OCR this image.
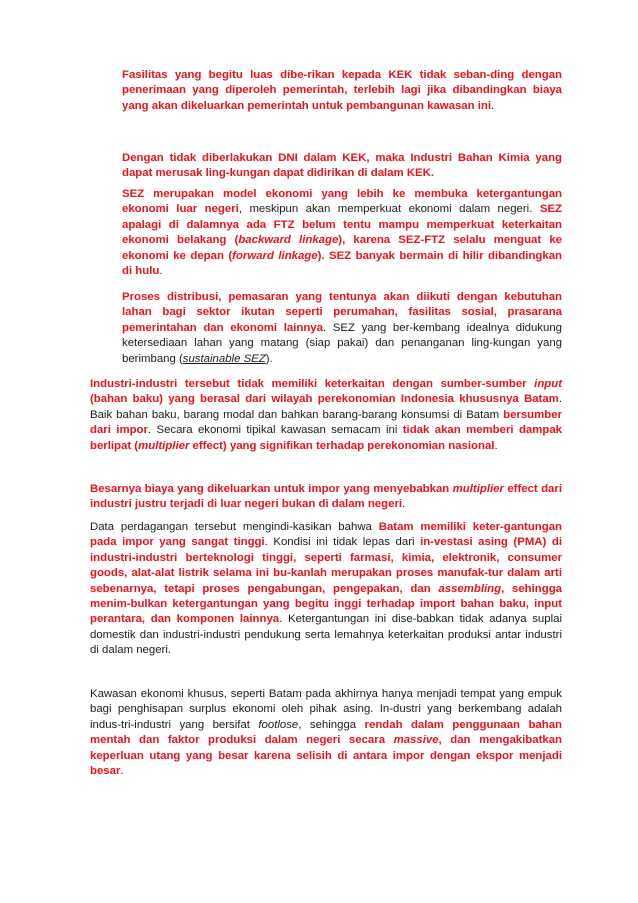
Fasilitas yang begitu luas dibe-rikan kepada KEK tidak seban-ding dengan penerimaan yang diperoleh pemerintah, terlebih lagi jika dibandingkan biaya yang akan dikeluarkan pemerintah untuk pembangunan kawasan ini.

Dengan tidak diberlakukan DNI dalam KEK, maka Industri Bahan Kimia yang dapat merusak ling-kungan dapat didirikan di dalam KEK.

SEZ merupakan model ekonomi yang lebih ke membuka ketergantungan ekonomi luar negeri, meskipun akan memperkuat ekonomi dalam negeri. SEZ apalagi di dalamnya ada FTZ belum tentu mampu memperkuat keterkaitan ekonomi belakang (backward linkage), karena SEZ-FTZ selalu menguat ke ekonomi ke depan (forward linkage). SEZ banyak bermain di hilir dibandingkan di hulu.

Proses distribusi, pemasaran yang tentunya akan diikuti dengan kebutuhan lahan bagi sektor ikutan seperti perumahan, fasilitas sosial, prasarana pemerintahan dan ekonomi lainnya. SEZ yang ber-kembang idealnya didukung ketersediaan lahan yang matang (siap pakai) dan penanganan ling-kungan yang berimbang (sustainable SEZ).

Industri-industri tersebut tidak memiliki keterkaitan dengan sumber-sumber input (bahan baku) yang berasal dari wilayah perekonomian Indonesia khususnya Batam. Baik bahan baku, barang modal dan bahkan barang-barang konsumsi di Batam bersumber dari impor. Secara ekonomi tipikal kawasan semacam ini tidak akan memberi dampak berlipat (multiplier effect) yang signifikan terhadap perekonomian nasional.

Besarnya biaya yang dikeluarkan untuk impor yang menyebabkan multiplier effect dari industri justru terjadi di luar negeri bukan di dalam negeri.

Data perdagangan tersebut mengindi-kasikan bahwa Batam memiliki keter-gantungan pada impor yang sangat tinggi. Kondisi ini tidak lepas dari in-vestasi asing (PMA) di industri-industri berteknologi tinggi, seperti farmasi, kimia, elektronik, consumer goods, alat-alat listrik selama ini bu-kanlah merupakan proses manufak-tur dalam arti sebenarnya, tetapi proses pengabungan, pengepakan, dan assembling, sehingga menim-bulkan ketergantungan yang begitu inggi terhadap import bahan baku, input perantara, dan komponen lainnya. Ketergantungan ini dise-babkan tidak adanya suplai domestik dan industri-industri pendukung serta lemahnya keterkaitan produksi antar industri di dalam negeri.

Kawasan ekonomi khusus, seperti Batam pada akhirnya hanya menjadi tempat yang empuk bagi penghisapan surplus ekonomi oleh pihak asing. In-dustri yang berkembang adalah indus-tri-industri yang bersifat footlose, sehingga rendah dalam penggunaan bahan mentah dan faktor produksi dalam negeri secara massive, dan mengakibatkan keperluan utang yang besar karena selisih di antara impor dengan ekspor menjadi besar.
